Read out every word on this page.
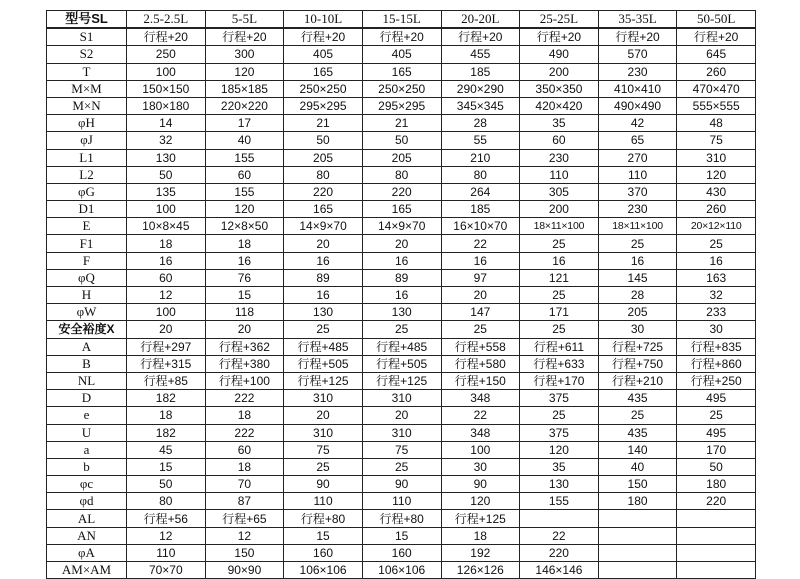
型号SL	2.5-2.5L	5-5L	10-10L	15-15L	20-20L	25-25L	35-35L	50-50L
S1	行程+20	行程+20	行程+20	行程+20	行程+20	行程+20	行程+20	行程+20
S2	250	300	405	405	455	490	570	645
T	100	120	165	165	185	200	230	260
M×M	150×150	185×185	250×250	250×250	290×290	350×350	410×410	470×470
M×N	180×180	220×220	295×295	295×295	345×345	420×420	490×490	555×555
φH	14	17	21	21	28	35	42	48
φJ	32	40	50	50	55	60	65	75
L1	130	155	205	205	210	230	270	310
L2	50	60	80	80	80	110	110	120
φG	135	155	220	220	264	305	370	430
D1	100	120	165	165	185	200	230	260
E	10×8×45	12×8×50	14×9×70	14×9×70	16×10×70	18×11×100	18×11×100	20×12×110
F1	18	18	20	20	22	25	25	25
F	16	16	16	16	16	16	16	16
φQ	60	76	89	89	97	121	145	163
H	12	15	16	16	20	25	28	32
φW	100	118	130	130	147	171	205	233
安全裕度X	20	20	25	25	25	25	30	30
A	行程+297	行程+362	行程+485	行程+485	行程+558	行程+611	行程+725	行程+835
B	行程+315	行程+380	行程+505	行程+505	行程+580	行程+633	行程+750	行程+860
NL	行程+85	行程+100	行程+125	行程+125	行程+150	行程+170	行程+210	行程+250
D	182	222	310	310	348	375	435	495
e	18	18	20	20	22	25	25	25
U	182	222	310	310	348	375	435	495
a	45	60	75	75	100	120	140	170
b	15	18	25	25	30	35	40	50
φc	50	70	90	90	90	130	150	180
φd	80	87	110	110	120	155	180	220
AL	行程+56	行程+65	行程+80	行程+80	行程+125			
AN	12	12	15	15	18	22		
φA	110	150	160	160	192	220		
AM×AM	70×70	90×90	106×106	106×106	126×126	146×146		
